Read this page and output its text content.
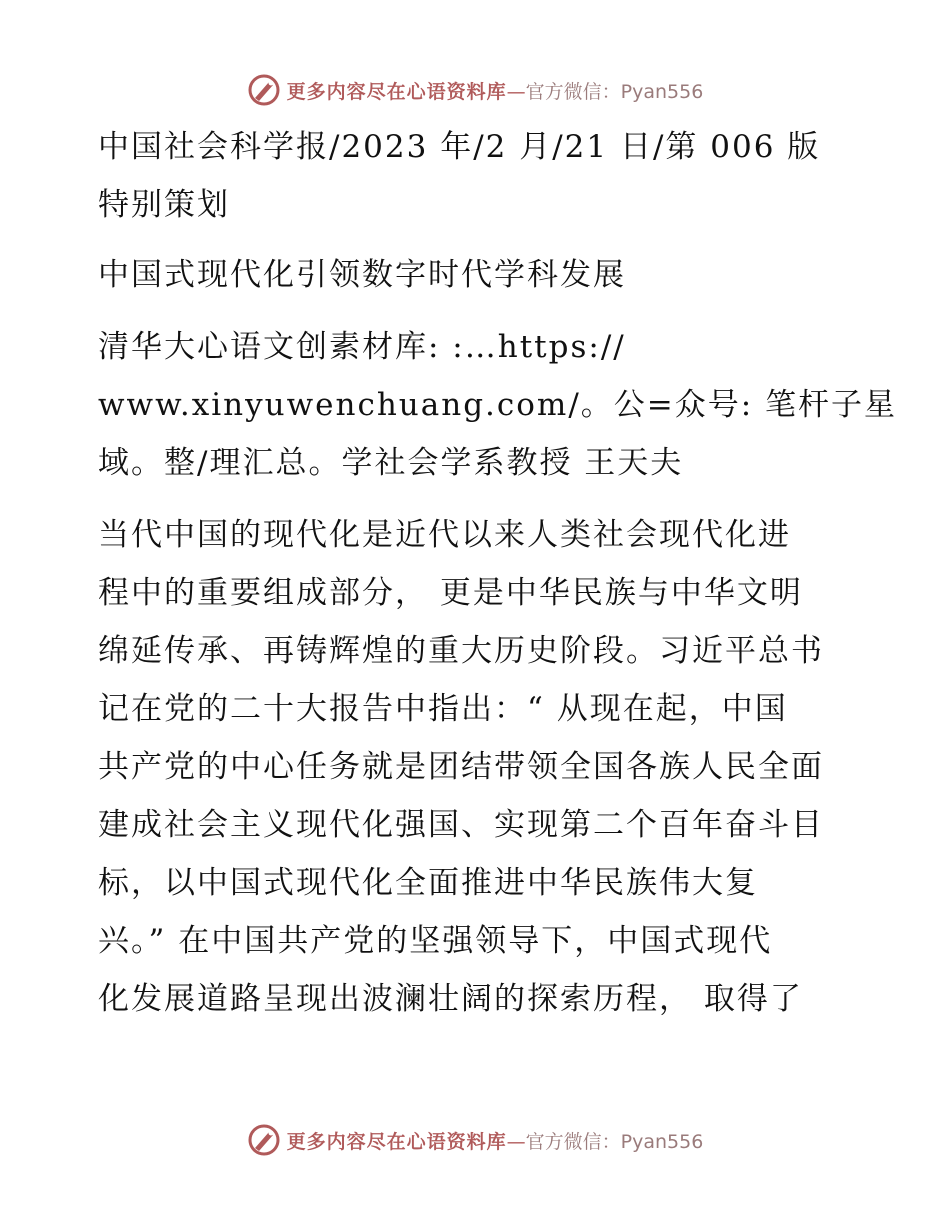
更多内容尽在心语资料库—官方微信：Pyan556
中国社会科学报/2023 年/2 月/21 日/第 006 版
特别策划
中国式现代化引领数字时代学科发展
清华大心语文创素材库: :…https://
www.xinyuwenchuang.com/。公=众号: 笔杆子星
域。整/理汇总。学社会学系教授 王天夫
当代中国的现代化是近代以来人类社会现代化进
程中的重要组成部分， 更是中华民族与中华文明
绵延传承、再铸辉煌的重大历史阶段。习近平总书
记在党的二十大报告中指出：“ 从现在起，中国
共产党的中心任务就是团结带领全国各族人民全面
建成社会主义现代化强国、实现第二个百年奋斗目
标，以中国式现代化全面推进中华民族伟大复
兴。” 在中国共产党的坚强领导下，中国式现代
化发展道路呈现出波澜壮阔的探索历程， 取得了
更多内容尽在心语资料库—官方微信：Pyan556
